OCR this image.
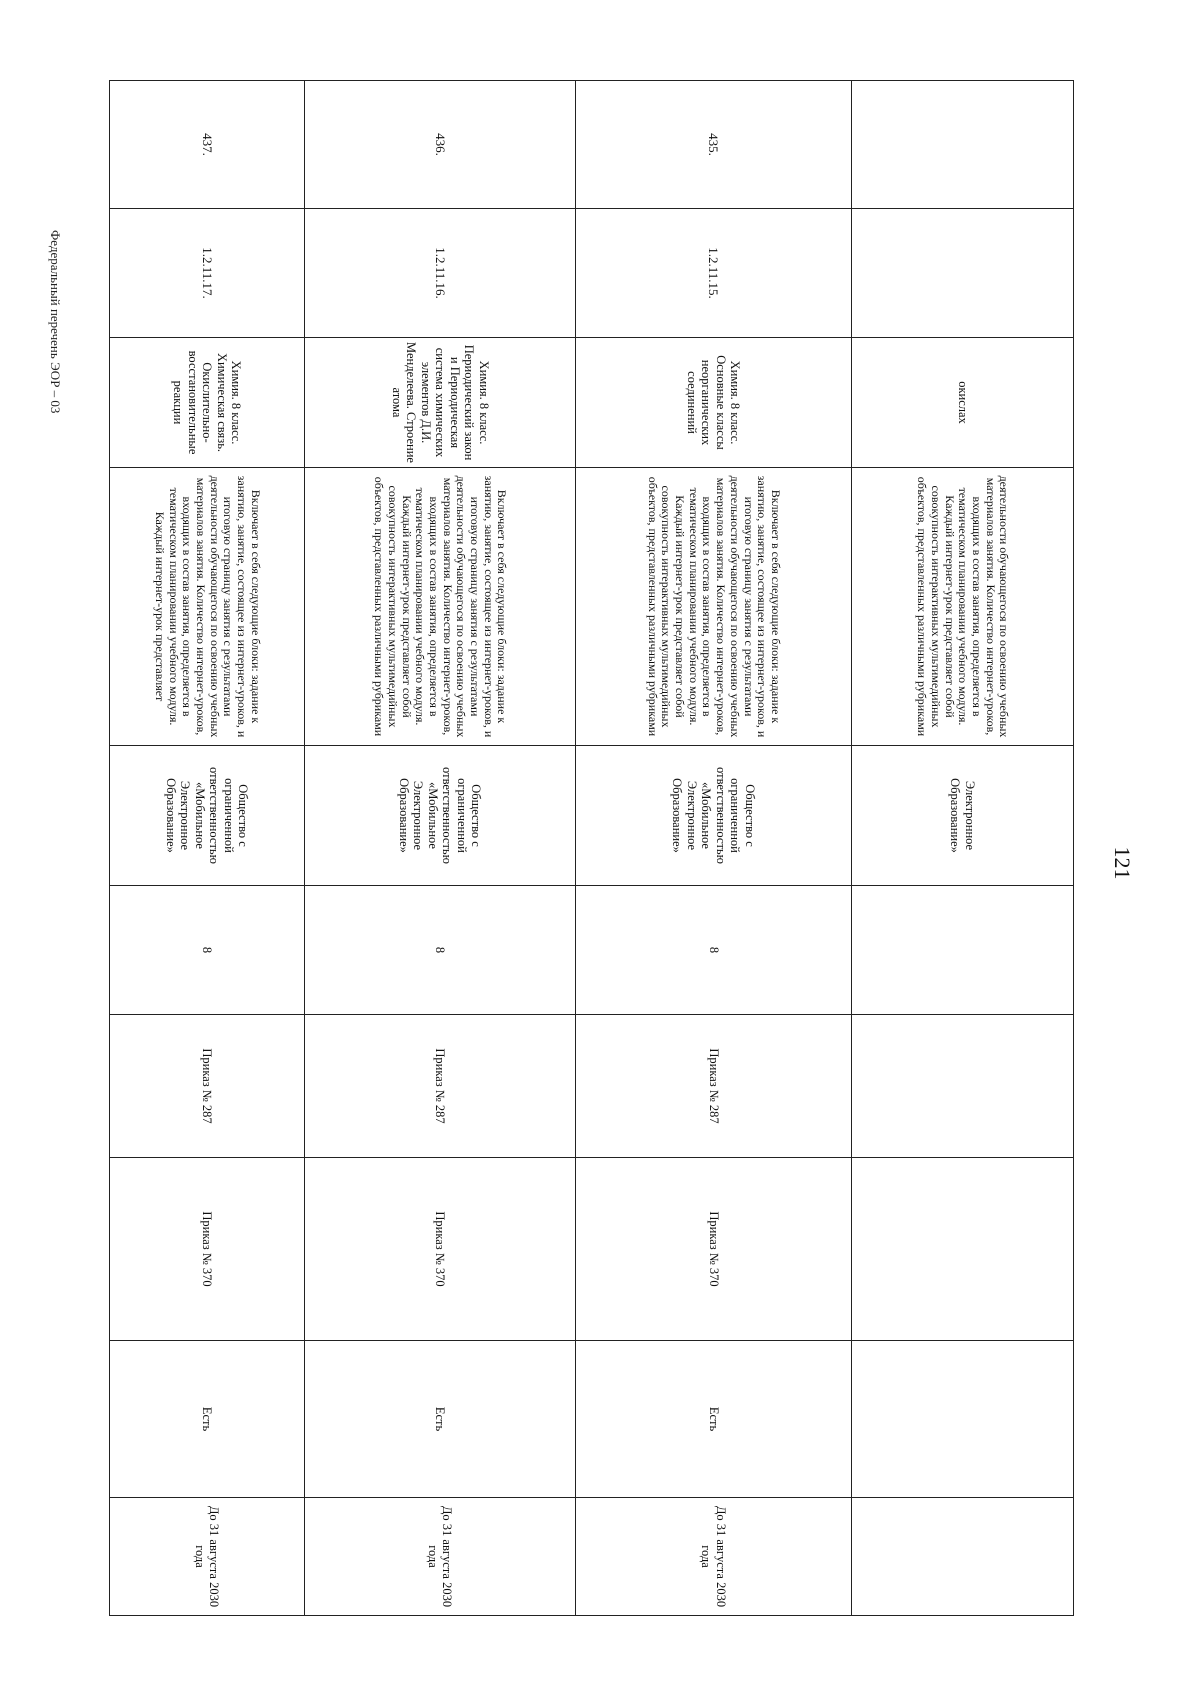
121
Федеральный перечень ЭОР – 03
			окислах	деятельности обучающегося по освоению учебных материалов занятия. Количество интернет-уроков, входящих в состав занятия, определяется в тематическом планировании учебного модуля. Каждый интернет-урок представляет собой совокупность интерактивных мультимедийных объектов, представленных различными рубриками	Электронное Образование»					
435.	1.2.11.15.	Химия. 8 класс. Основные классы неорганических соединений	Включает в себя следующие блоки: задание к занятию, занятие, состоящее из интернет-уроков, и итоговую страницу занятия с результатами деятельности обучающегося по освоению учебных материалов занятия. Количество интернет-уроков, входящих в состав занятия, определяется в тематическом планировании учебного модуля. Каждый интернет-урок представляет собой совокупность интерактивных мультимедийных объектов, представленных различными рубриками	Общество с ограниченной ответственностью «Мобильное Электронное Образование»	8	Приказ № 287	Приказ № 370	Есть	До 31 августа 2030 года
436.	1.2.11.16.	Химия. 8 класс. Периодический закон и Периодическая система химических элементов Д.И. Менделеева. Строение атома	Включает в себя следующие блоки: задание к занятию, занятие, состоящее из интернет-уроков, и итоговую страницу занятия с результатами деятельности обучающегося по освоению учебных материалов занятия. Количество интернет-уроков, входящих в состав занятия, определяется в тематическом планировании учебного модуля. Каждый интернет-урок представляет собой совокупность интерактивных мультимедийных объектов, представленных различными рубриками	Общество с ограниченной ответственностью «Мобильное Электронное Образование»	8	Приказ № 287	Приказ № 370	Есть	До 31 августа 2030 года
437.	1.2.11.17.	Химия. 8 класс. Химическая связь. Окислительно-восстановительные реакции	Включает в себя следующие блоки: задание к занятию, занятие, состоящее из интернет-уроков, и итоговую страницу занятия с результатами деятельности обучающегося по освоению учебных материалов занятия. Количество интернет-уроков, входящих в состав занятия, определяется в тематическом планировании учебного модуля. Каждый интернет-урок представляет	Общество с ограниченной ответственностью «Мобильное Электронное Образование»	8	Приказ № 287	Приказ № 370	Есть	До 31 августа 2030 года
